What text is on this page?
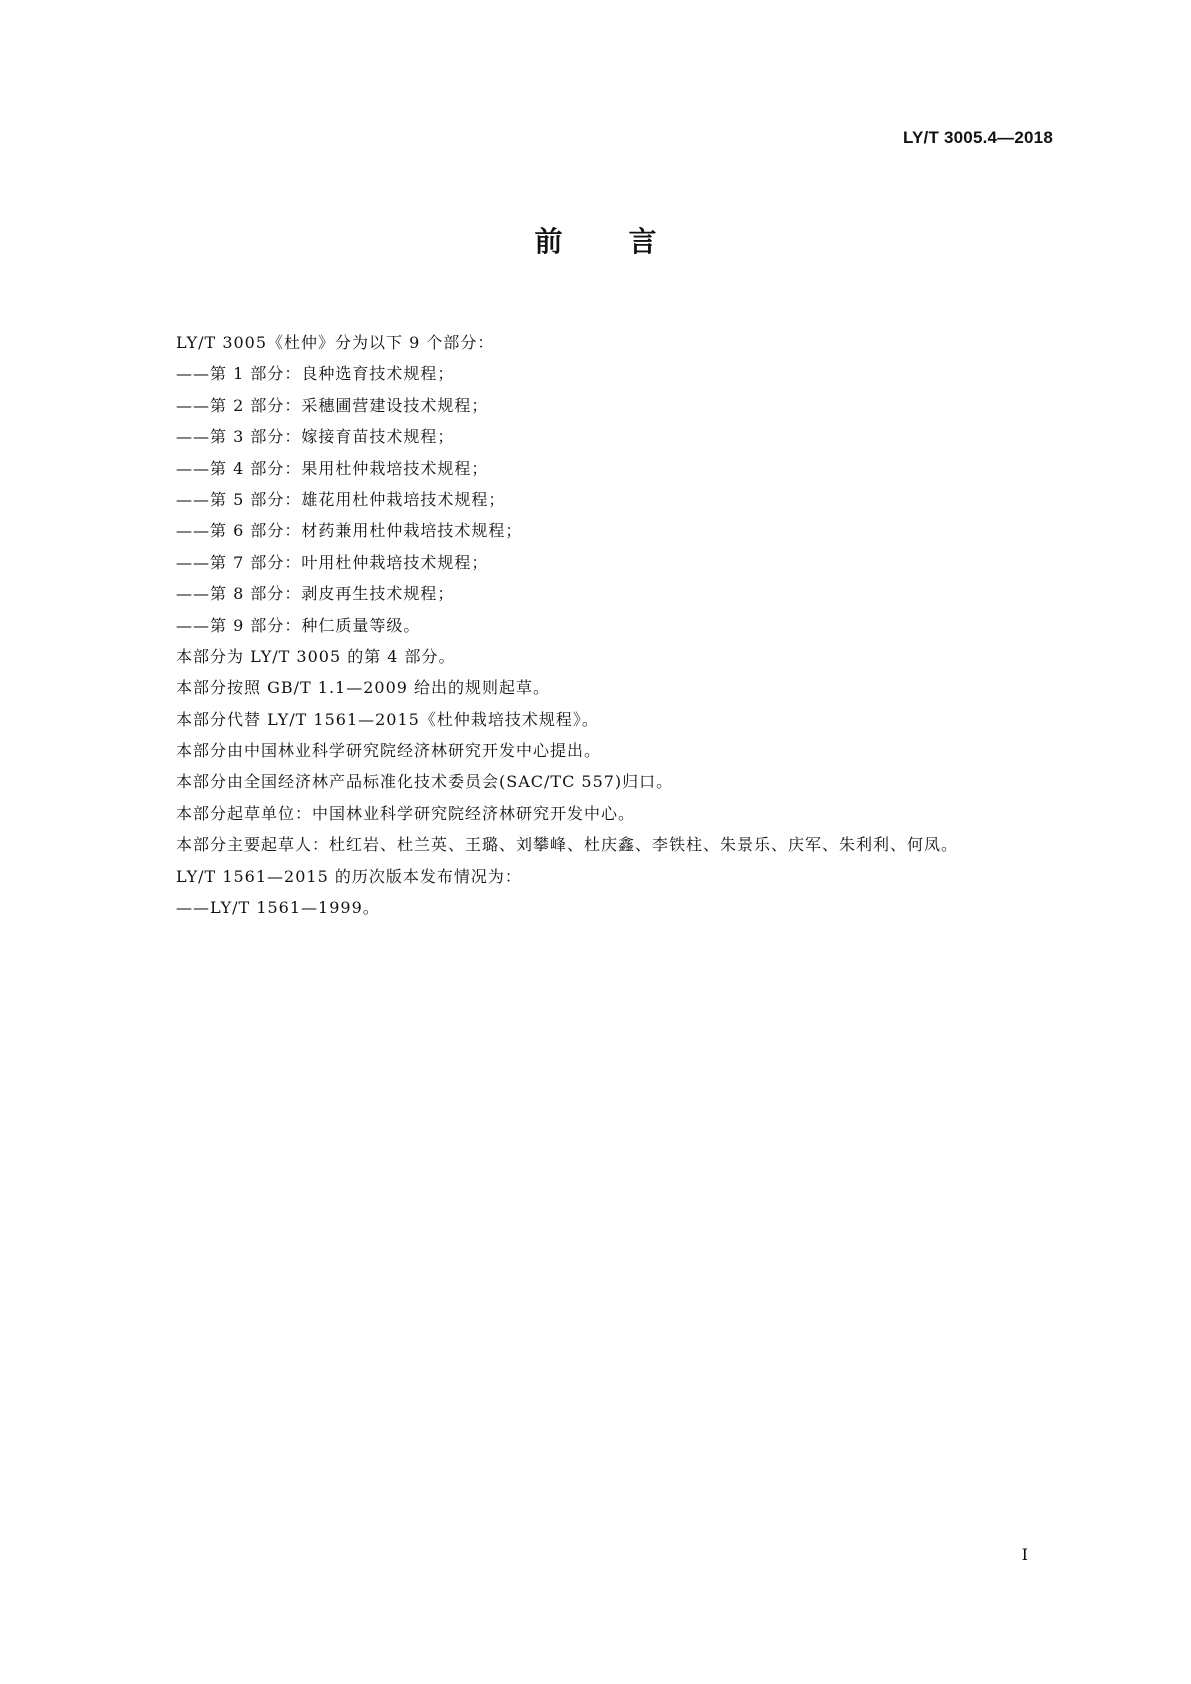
LY/T 3005.4—2018
前 言
LY/T 3005《杜仲》分为以下 9 个部分：
——第 1 部分：良种选育技术规程；
——第 2 部分：采穗圃营建设技术规程；
——第 3 部分：嫁接育苗技术规程；
——第 4 部分：果用杜仲栽培技术规程；
——第 5 部分：雄花用杜仲栽培技术规程；
——第 6 部分：材药兼用杜仲栽培技术规程；
——第 7 部分：叶用杜仲栽培技术规程；
——第 8 部分：剥皮再生技术规程；
——第 9 部分：种仁质量等级。
本部分为 LY/T 3005 的第 4 部分。
本部分按照 GB/T 1.1—2009 给出的规则起草。
本部分代替 LY/T 1561—2015《杜仲栽培技术规程》。
本部分由中国林业科学研究院经济林研究开发中心提出。
本部分由全国经济林产品标准化技术委员会(SAC/TC 557)归口。
本部分起草单位：中国林业科学研究院经济林研究开发中心。
本部分主要起草人：杜红岩、杜兰英、王璐、刘攀峰、杜庆鑫、李铁柱、朱景乐、庆军、朱利利、何凤。
LY/T 1561—2015 的历次版本发布情况为：
——LY/T 1561—1999。
I
